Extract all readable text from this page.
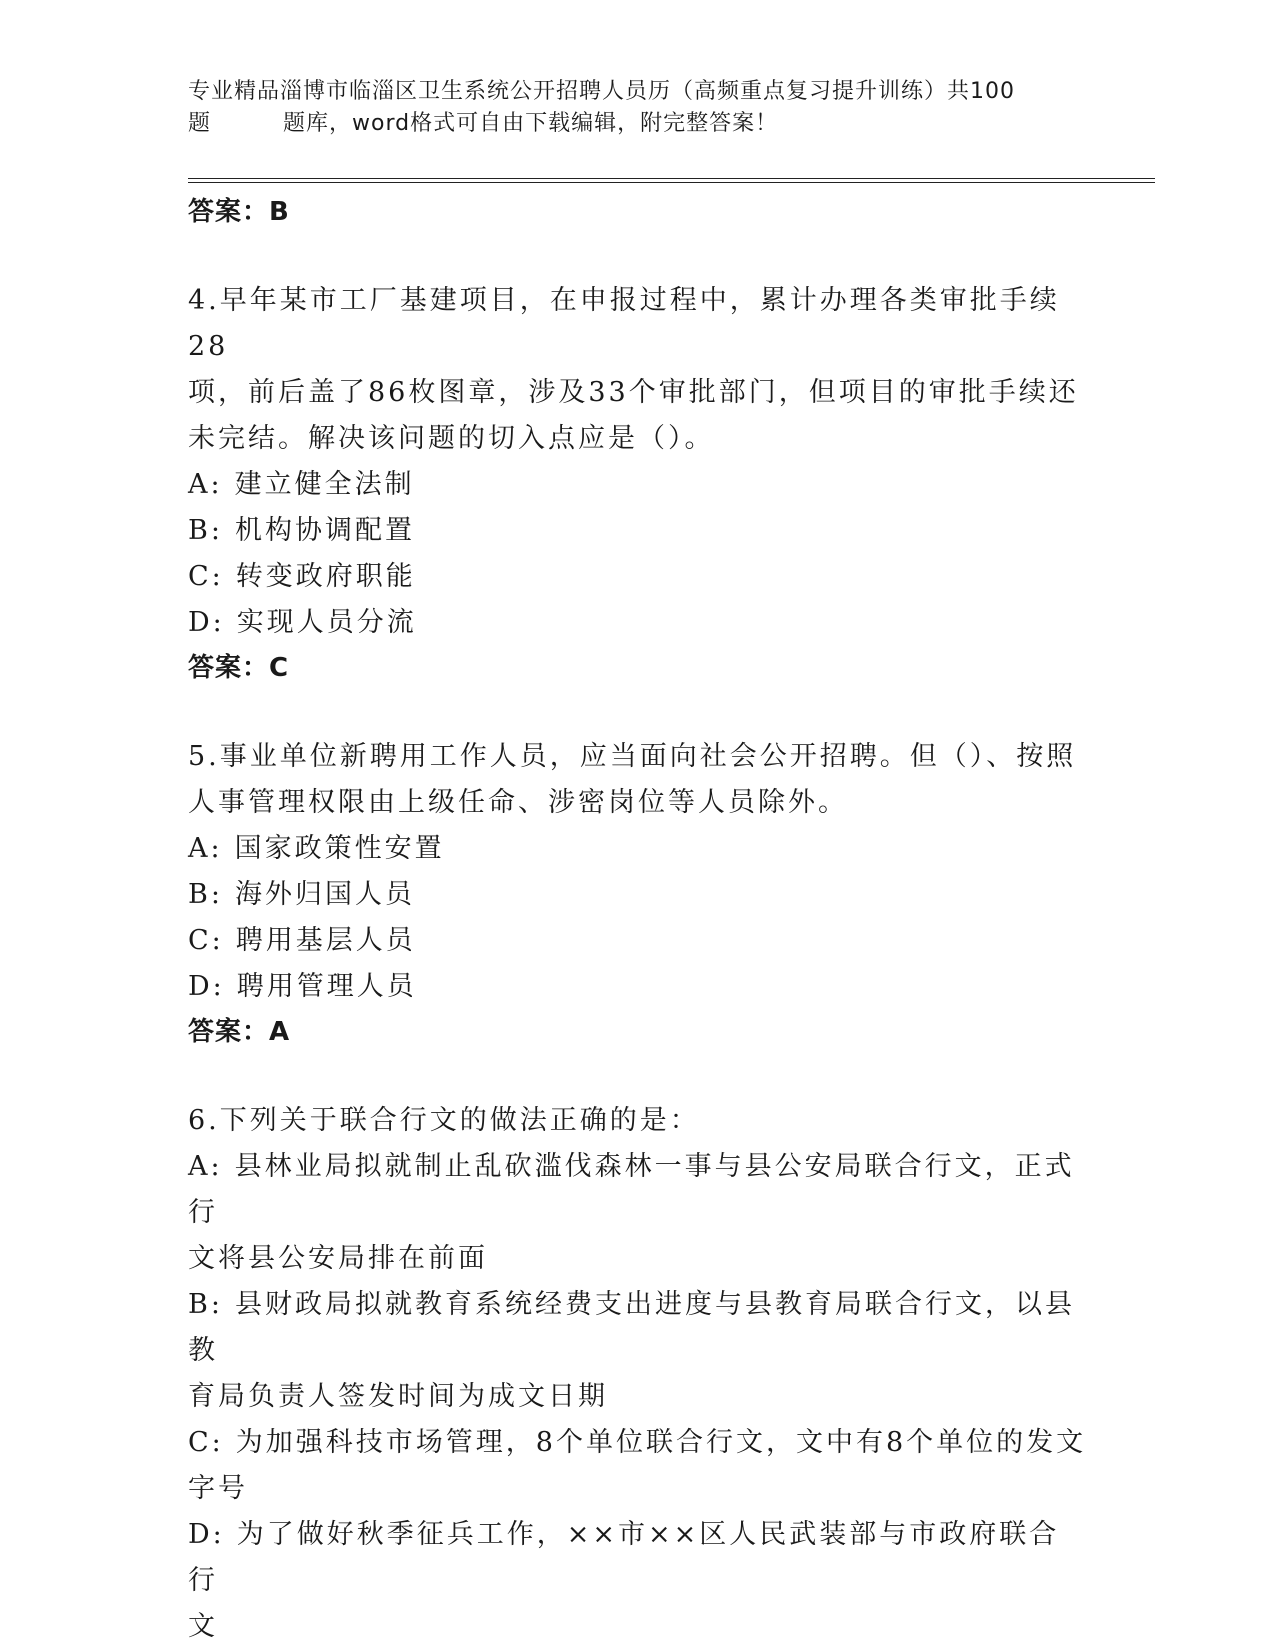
专业精品淄博市临淄区卫生系统公开招聘人员历（高频重点复习提升训练）共100
题	题库，word格式可自由下载编辑，附完整答案！
答案：B
4.早年某市工厂基建项目，在申报过程中，累计办理各类审批手续28
项，前后盖了86枚图章，涉及33个审批部门，但项目的审批手续还
未完结。解决该问题的切入点应是（）。
A: 建立健全法制
B: 机构协调配置
C: 转变政府职能
D: 实现人员分流
答案：C
5.事业单位新聘用工作人员，应当面向社会公开招聘。但（）、按照
人事管理权限由上级任命、涉密岗位等人员除外。
A: 国家政策性安置
B: 海外归国人员
C: 聘用基层人员
D: 聘用管理人员
答案：A
6.下列关于联合行文的做法正确的是：
A: 县林业局拟就制止乱砍滥伐森林一事与县公安局联合行文，正式行
文将县公安局排在前面
B: 县财政局拟就教育系统经费支出进度与县教育局联合行文，以县教
育局负责人签发时间为成文日期
C: 为加强科技市场管理，8个单位联合行文，文中有8个单位的发文
字号
D: 为了做好秋季征兵工作，××市××区人民武装部与市政府联合行
文
